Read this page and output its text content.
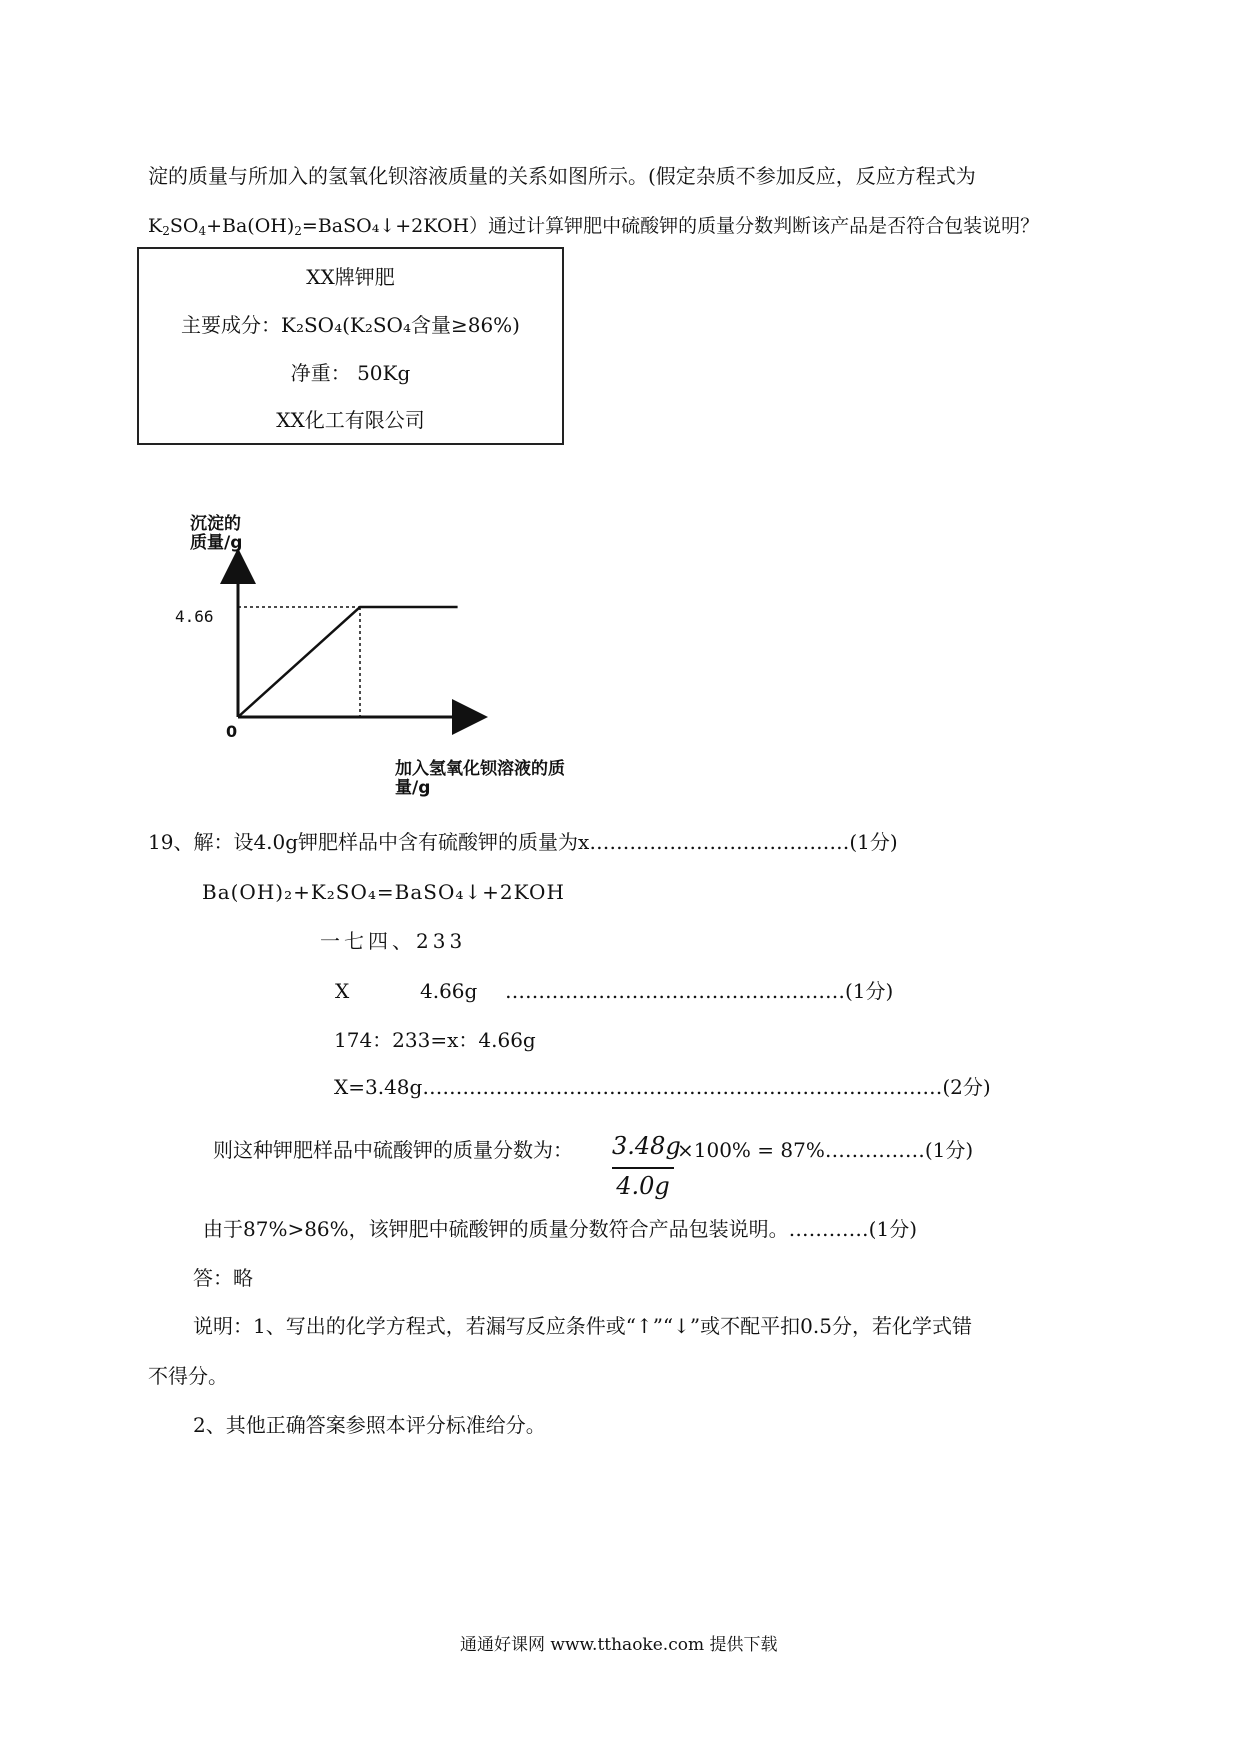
淀的质量与所加入的氢氧化钡溶液质量的关系如图所示。(假定杂质不参加反应，反应方程式为
$K_2SO_4+Ba(OH)_2=BaSO_4↓+2KOH$）通过计算钾肥中硫酸钾的质量分数判断该产品是否符合包装说明？
XX牌钾肥
主要成分：K₂SO₄(K₂SO₄含量≥86%)
净重： 50Kg
XX化工有限公司
沉淀的质量/g
加入氢氧化钡溶液的质量/g
0
4.66
19、解：设4.0g钾肥样品中含有硫酸钾的质量为x…………………………………(1分)
Ba(OH)₂+K₂SO₄=BaSO₄↓+2KOH
一七四、233
X	4.66g ……………………………………………(1分)
174：233=x：4.66g
X=3.48g……………………………………………………………………(2分)
则这种钾肥样品中硫酸钾的质量分数为： 3.48g
4.0g
×100% = 87%……………(1分)
由于87%>86%，该钾肥中硫酸钾的质量分数符合产品包装说明。…………(1分)
答：略
说明：1、写出的化学方程式，若漏写反应条件或“↑”“↓”或不配平扣0.5分，若化学式错
不得分。
2、其他正确答案参照本评分标准给分。
通通好课网 www.tthaoke.com 提供下载
